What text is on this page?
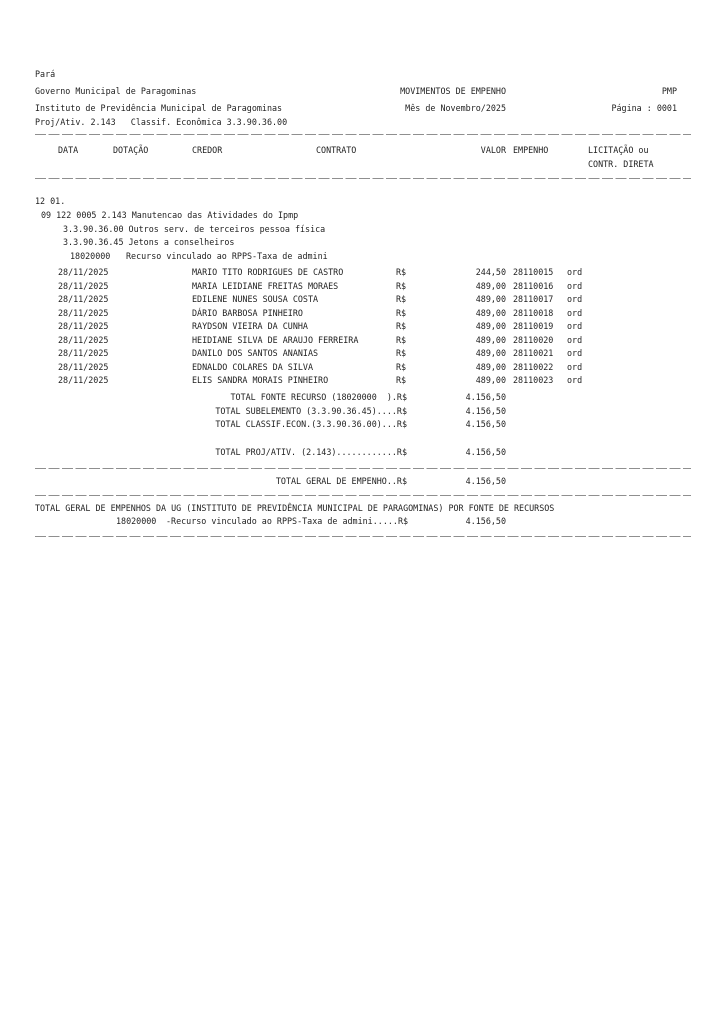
Pará
Governo Municipal de Paragominas	MOVIMENTOS DE EMPENHO	PMP
Instituto de Previdência Municipal de Paragominas	Mês de Novembro/2025	Página : 0001
Proj/Ativ. 2.143   Classif. Econômica 3.3.90.36.00
DATA	DOTAÇÃO	CREDOR	CONTRATO	VALOR EMPENHO	LICITAÇÃO ou
CONTR. DIRETA
12 01.
09 122 0005 2.143 Manutencao das Atividades do Ipmp
3.3.90.36.00 Outros serv. de terceiros pessoa física
3.3.90.36.45 Jetons a conselheiros
18020000 Recurso vinculado ao RPPS-Taxa de admini
28/11/2025	MARIO TITO RODRIGUES DE CASTRO	R$	244,50 28110015 ord
28/11/2025	MARIA LEIDIANE FREITAS MORAES	R$	489,00 28110016 ord
28/11/2025	EDILENE NUNES SOUSA COSTA	R$	489,00 28110017 ord
28/11/2025	DÁRIO BARBOSA PINHEIRO	R$	489,00 28110018 ord
28/11/2025	RAYDSON VIEIRA DA CUNHA	R$	489,00 28110019 ord
28/11/2025	HEIDIANE SILVA DE ARAUJO FERREIRA	R$	489,00 28110020 ord
28/11/2025	DANILO DOS SANTOS ANANIAS	R$	489,00 28110021 ord
28/11/2025	EDNALDO COLARES DA SILVA	R$	489,00 28110022 ord
28/11/2025	ELIS SANDRA MORAIS PINHEIRO	R$	489,00 28110023 ord
TOTAL FONTE RECURSO (18020000  ).R$	4.156,50
TOTAL SUBELEMENTO (3.3.90.36.45)....R$	4.156,50
TOTAL CLASSIF.ECON.(3.3.90.36.00)...R$	4.156,50
TOTAL PROJ/ATIV. (2.143)............R$	4.156,50
TOTAL GERAL DE EMPENHO..R$	4.156,50
TOTAL GERAL DE EMPENHOS DA UG (INSTITUTO DE PREVIDÊNCIA MUNICIPAL DE PARAGOMINAS) POR FONTE DE RECURSOS
18020000 -Recurso vinculado ao RPPS-Taxa de admini.....R$	4.156,50
